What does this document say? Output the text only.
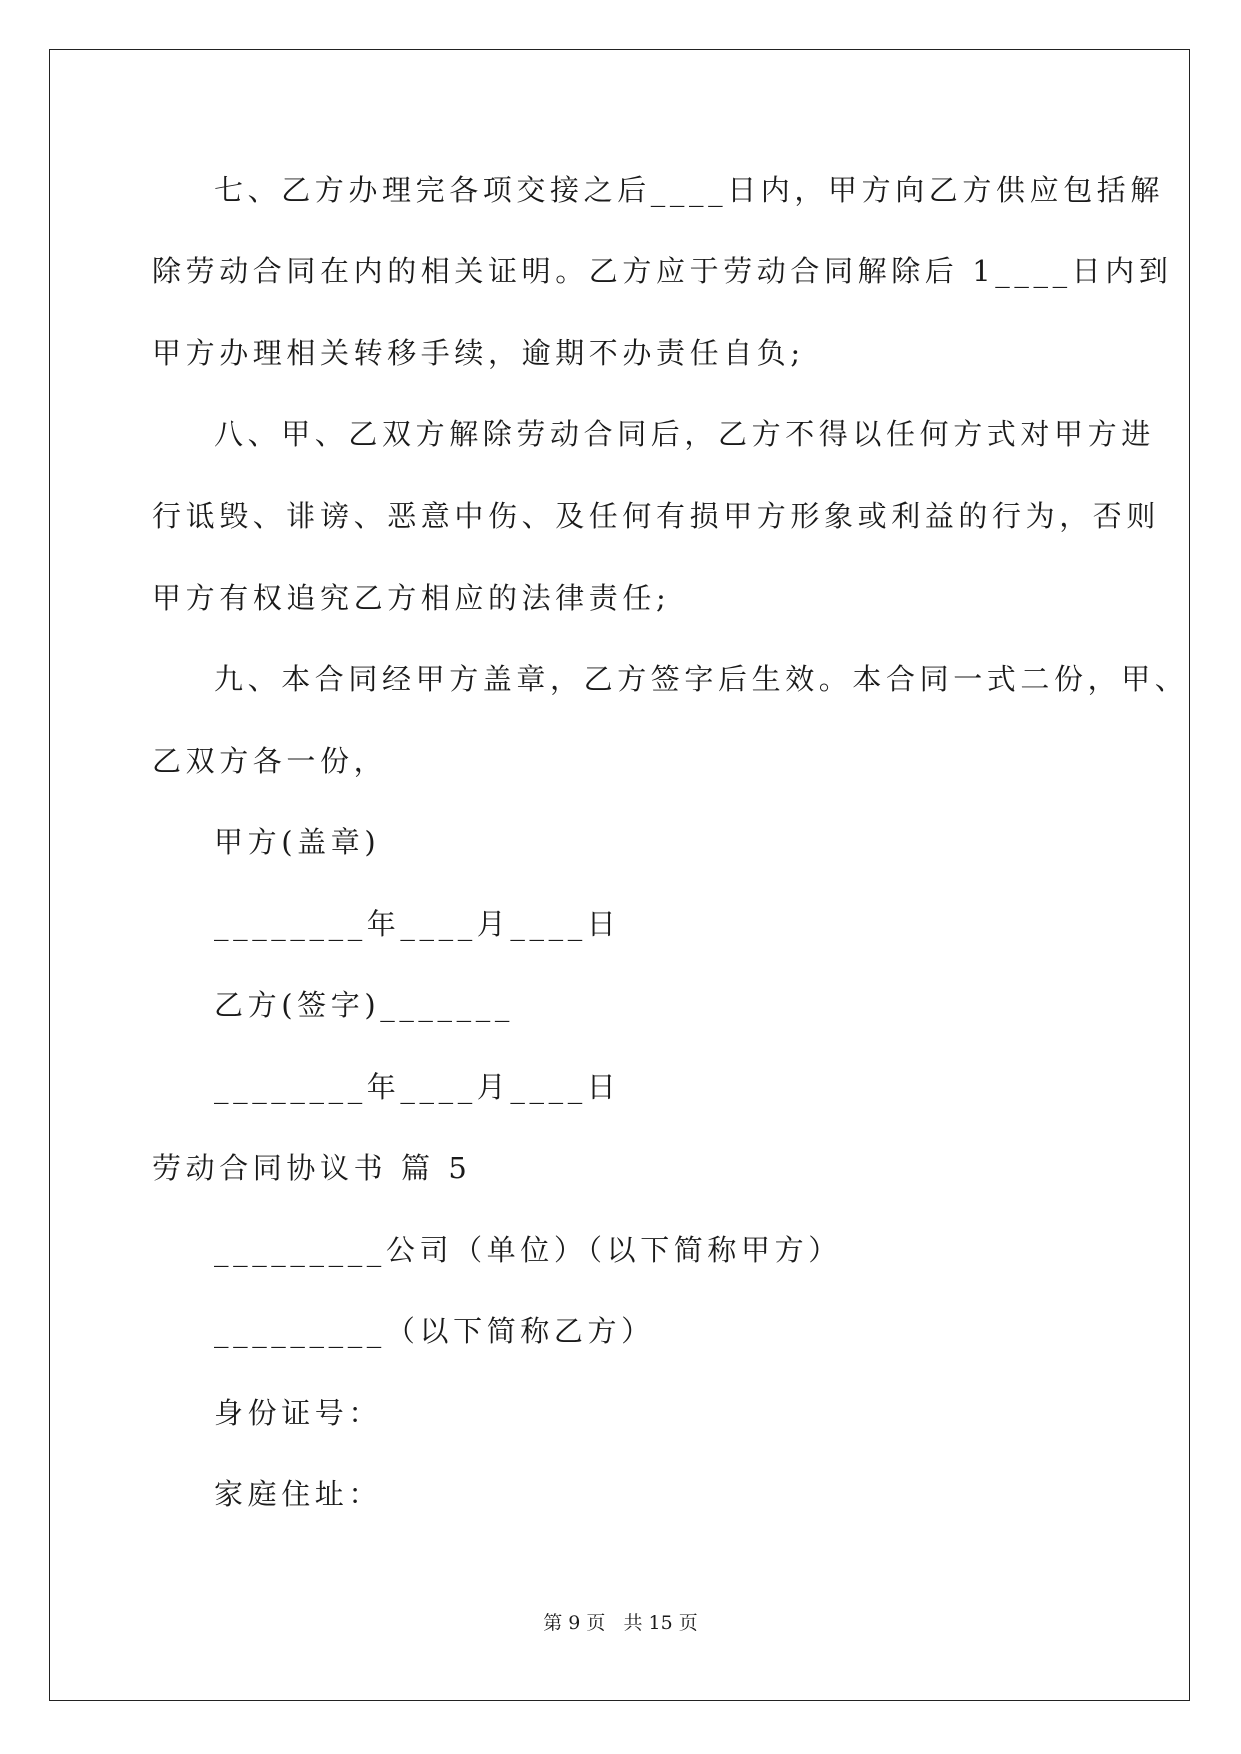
七、乙方办理完各项交接之后____日内，甲方向乙方供应包括解
除劳动合同在内的相关证明。乙方应于劳动合同解除后 1____日内到
甲方办理相关转移手续，逾期不办责任自负;
八、甲、乙双方解除劳动合同后，乙方不得以任何方式对甲方进
行诋毁、诽谤、恶意中伤、及任何有损甲方形象或利益的行为，否则
甲方有权追究乙方相应的法律责任;
九、本合同经甲方盖章，乙方签字后生效。本合同一式二份，甲、
乙双方各一份，
甲方(盖章)
________年____月____日
乙方(签字)_______
________年____月____日
劳动合同协议书 篇 5
_________公司（单位）（以下简称甲方）
_________（以下简称乙方）
身份证号：
家庭住址：
第 9 页   共 15 页
